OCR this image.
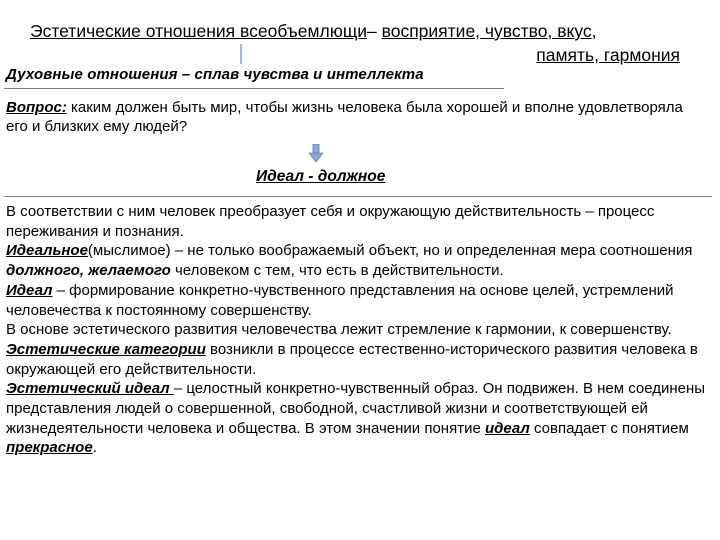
Эстетические отношения всеобъемлющи– восприятие, чувство, вкус,
память, гармония
Духовные отношения – сплав чувства и интеллекта
Вопрос: каким должен быть мир, чтобы жизнь человека была хорошей и вполне удовлетворяла его и близких ему людей?
Идеал - должное

В соответствии с ним человек преобразует себя и окружающую действительность – процесс переживания и познания.

Идеальное(мыслимое) – не только воображаемый объект, но и определенная мера соотношения должного, желаемого человеком с тем, что есть в действительности.

Идеал – формирование конкретно-чувственного представления на основе целей, устремлений человечества к постоянному совершенству.

В основе эстетического развития человечества лежит стремление к гармонии, к совершенству.

Эстетические категории возникли в процессе естественно-исторического развития человека в окружающей его действительности.

Эстетический идеал – целостный конкретно-чувственный образ. Он подвижен. В нем соединены представления людей о совершенной, свободной, счастливой жизни и соответствующей ей жизнедеятельности человека и общества. В этом значении понятие идеал совпадает с понятием прекрасное.
